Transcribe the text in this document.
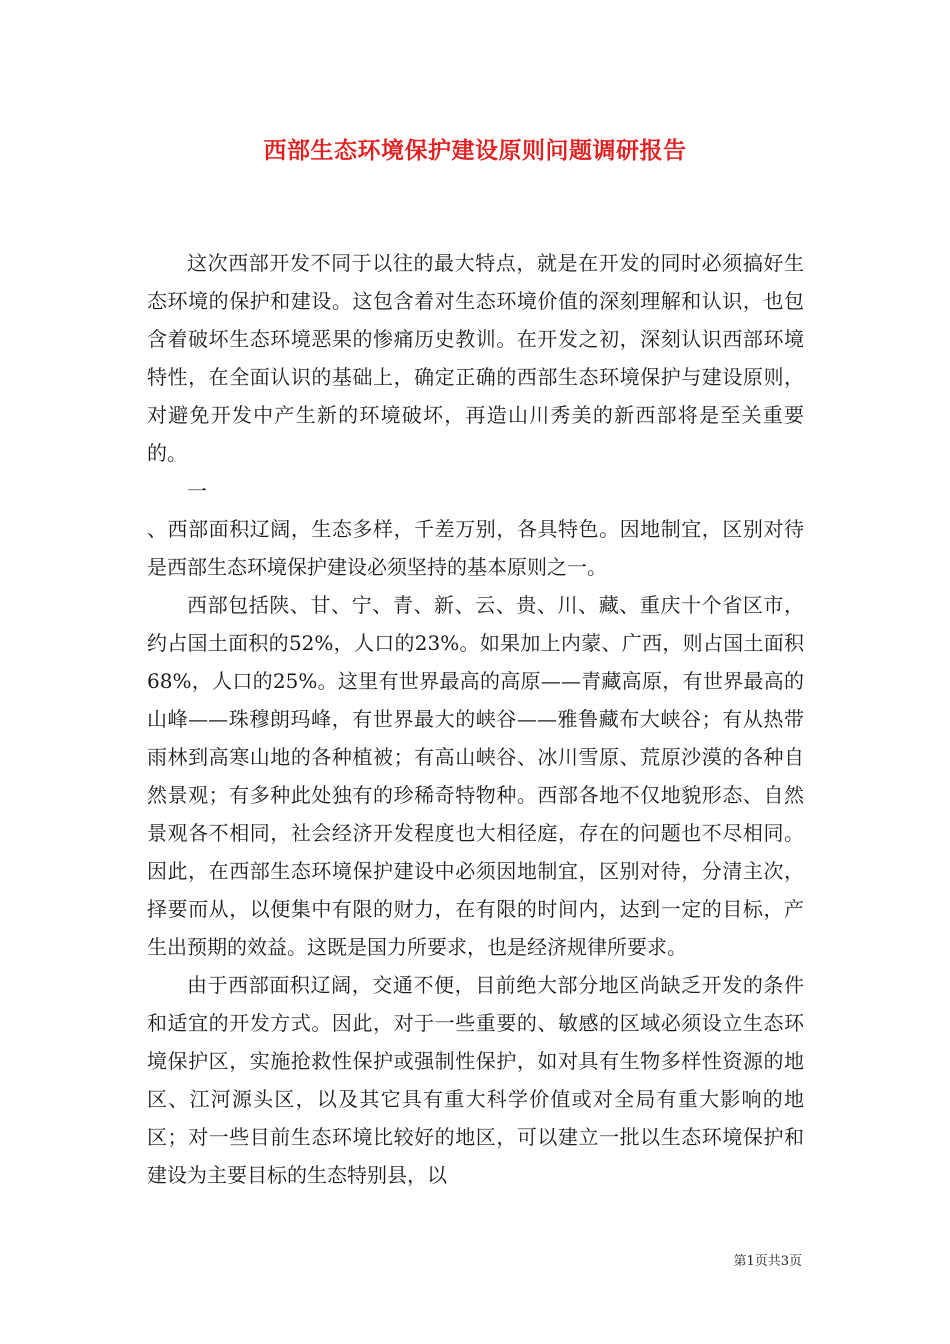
西部生态环境保护建设原则问题调研报告

这次西部开发不同于以往的最大特点，就是在开发的同时必须搞好生态环境的保护和建设。这包含着对生态环境价值的深刻理解和认识，也包含着破坏生态环境恶果的惨痛历史教训。在开发之初，深刻认识西部环境特性，在全面认识的基础上，确定正确的西部生态环境保护与建设原则，对避免开发中产生新的环境破坏，再造山川秀美的新西部将是至关重要的。

一

、西部面积辽阔，生态多样，千差万别，各具特色。因地制宜，区别对待是西部生态环境保护建设必须坚持的基本原则之一。

西部包括陕、甘、宁、青、新、云、贵、川、藏、重庆十个省区市，约占国土面积的52%，人口的23%。如果加上内蒙、广西，则占国土面积68%，人口的25%。这里有世界最高的高原——青藏高原，有世界最高的山峰——珠穆朗玛峰，有世界最大的峡谷——雅鲁藏布大峡谷；有从热带雨林到高寒山地的各种植被；有高山峡谷、冰川雪原、荒原沙漠的各种自然景观；有多种此处独有的珍稀奇特物种。西部各地不仅地貌形态、自然景观各不相同，社会经济开发程度也大相径庭，存在的问题也不尽相同。因此，在西部生态环境保护建设中必须因地制宜，区别对待，分清主次，择要而从，以便集中有限的财力，在有限的时间内，达到一定的目标，产生出预期的效益。这既是国力所要求，也是经济规律所要求。

由于西部面积辽阔，交通不便，目前绝大部分地区尚缺乏开发的条件和适宜的开发方式。因此，对于一些重要的、敏感的区域必须设立生态环境保护区，实施抢救性保护或强制性保护，如对具有生物多样性资源的地区、江河源头区，以及其它具有重大科学价值或对全局有重大影响的地区；对一些目前生态环境比较好的地区，可以建立一批以生态环境保护和建设为主要目标的生态特别县，以

第1页共3页
